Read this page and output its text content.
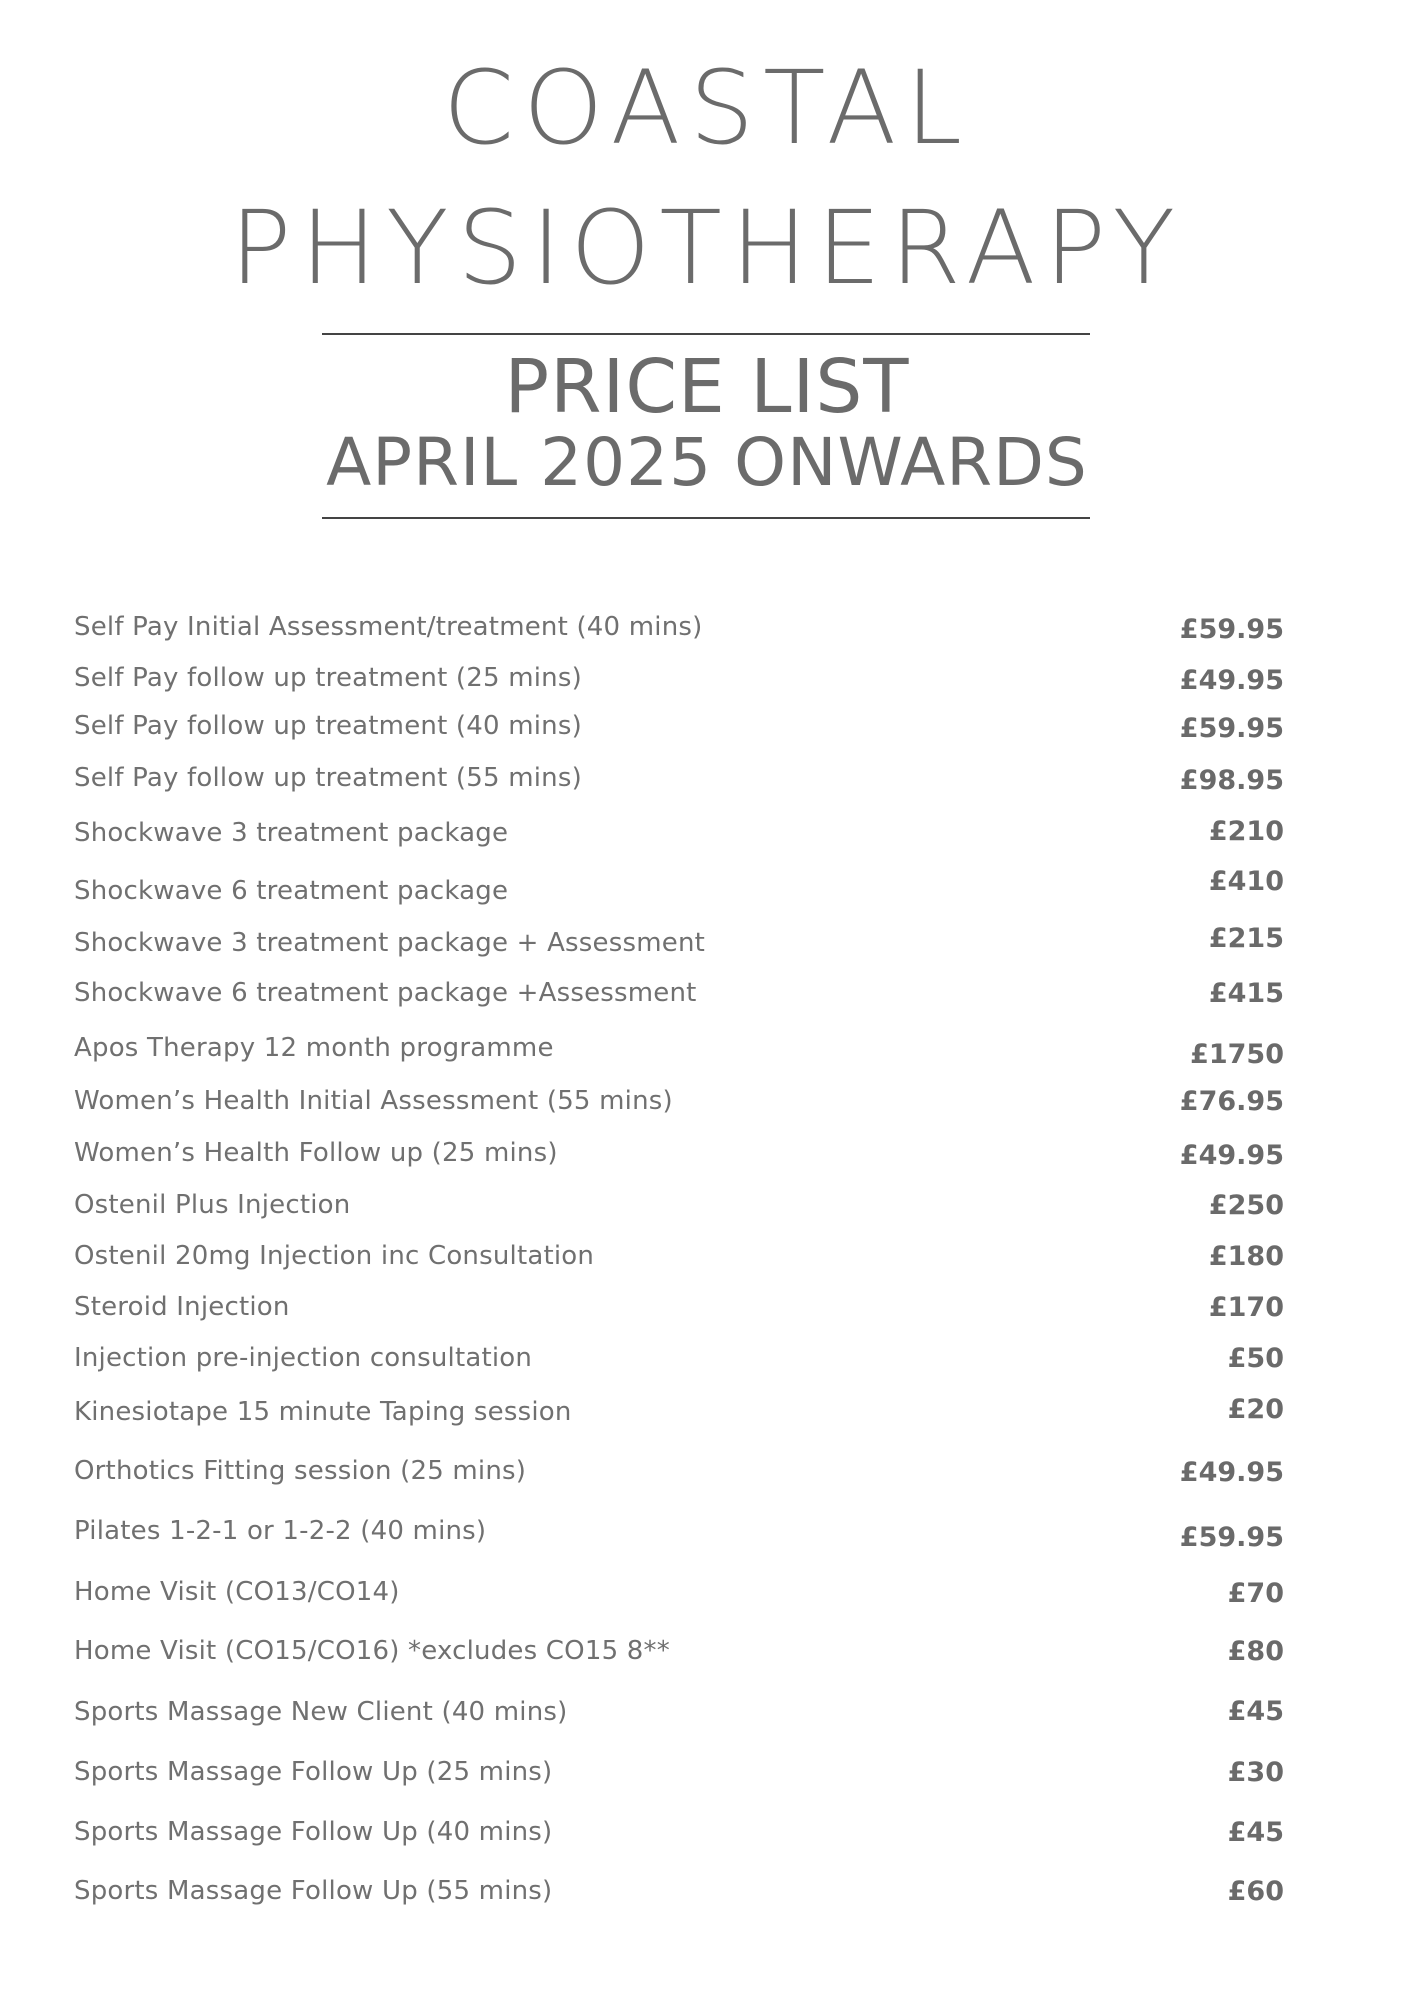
COASTAL
PHYSIOTHERAPY
PRICE LIST
APRIL 2025 ONWARDS
Self Pay Initial Assessment/treatment (40 mins)	£59.95
Self Pay follow up treatment (25 mins)	£49.95
Self Pay follow up treatment (40 mins)	£59.95
Self Pay follow up treatment (55 mins)	£98.95
Shockwave 3 treatment package	£210
Shockwave 6 treatment package	£410
Shockwave 3 treatment package + Assessment	£215
Shockwave 6 treatment package +Assessment	£415
Apos Therapy 12 month programme	£1750
Women’s Health Initial Assessment (55 mins)	£76.95
Women’s Health Follow up (25 mins)	£49.95
Ostenil Plus Injection	£250
Ostenil 20mg Injection inc Consultation	£180
Steroid Injection	£170
Injection pre-injection consultation	£50
Kinesiotape 15 minute Taping session	£20
Orthotics Fitting session (25 mins)	£49.95
Pilates 1-2-1 or 1-2-2 (40 mins)	£59.95
Home Visit (CO13/CO14)	£70
Home Visit (CO15/CO16) *excludes CO15 8**	£80
Sports Massage New Client (40 mins)	£45
Sports Massage Follow Up (25 mins)	£30
Sports Massage Follow Up (40 mins)	£45
Sports Massage Follow Up (55 mins)	£60
